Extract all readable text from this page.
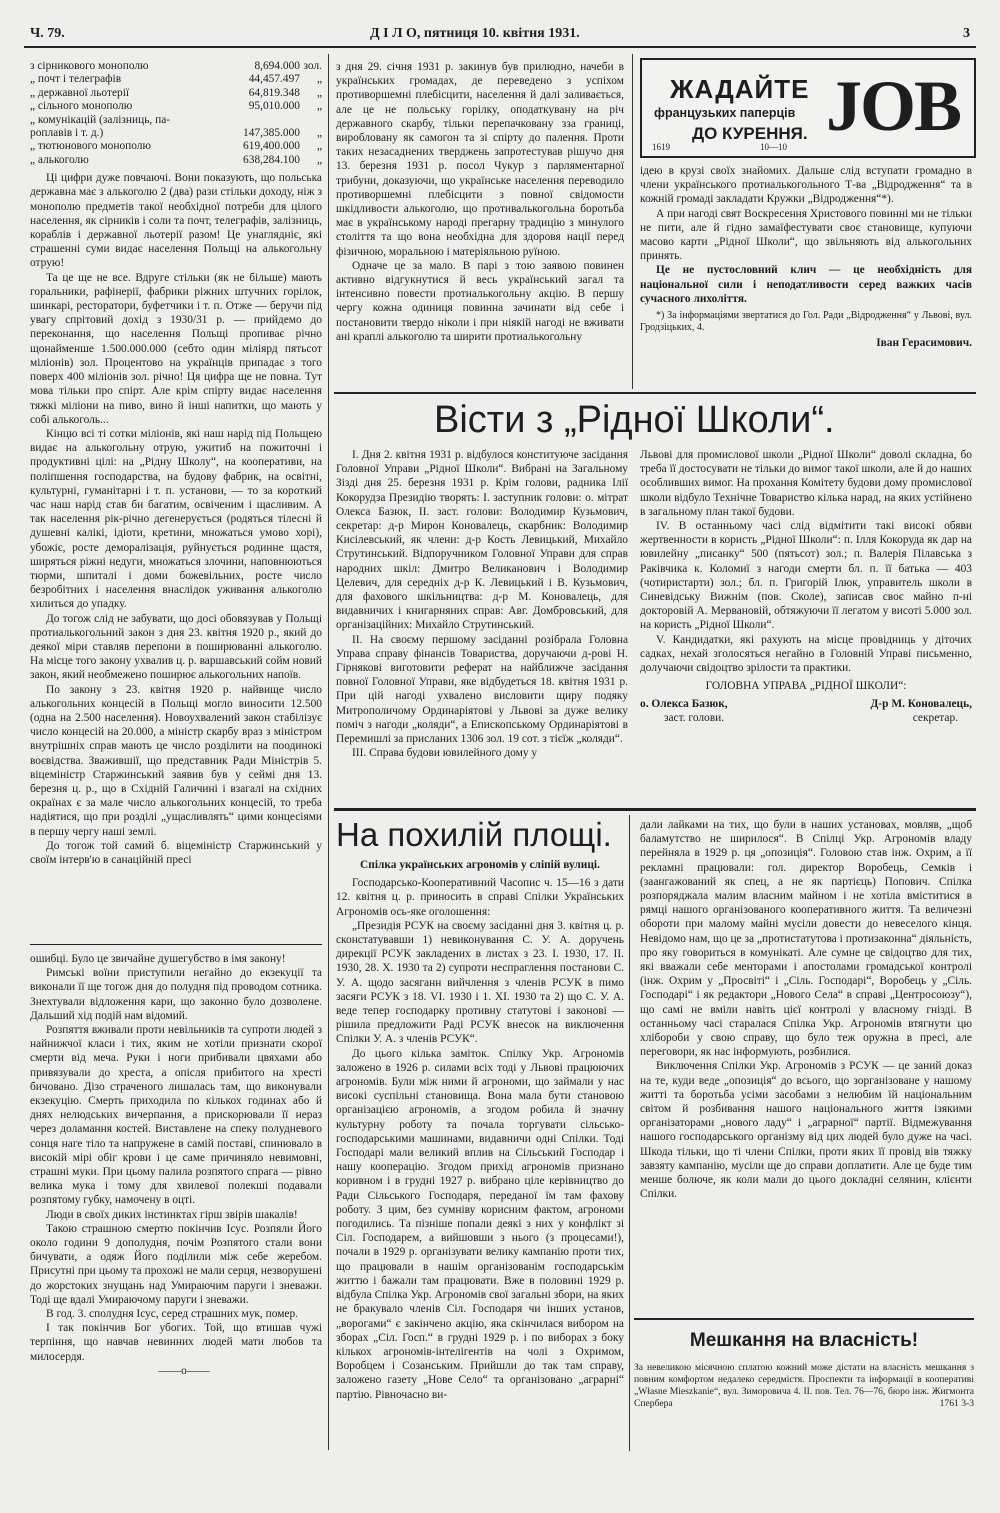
Ч. 79.	Д І Л О, пятниця 10. квітня 1931.	3
з сірникового монополю	8,694.000	зол.
„ почт і телеграфів	44,457.497	„
„ державної льотерії	64,819.348	„
„ сільного монополю	95,010.000	„
„ комунікацій (залізниць, па-		
роплавів і т. д.)	147,385.000	„
„ тютюнового монополю	619,400.000	„
„ алькоголю	638,284.100	„

Ці цифри дуже повчаючі. Вони показують, що польська державна має з алькоголю 2 (два) рази стільки доходу, ніж з монополю предметів такої необхідної потреби для цілого населення, як сірників і соли та почт, телеграфів, залізниць, кораблів і державної льотерії разом! Це унаглядніє, які страшенні суми видає населення Польщі на алькогольну отрую!

Та це ще не все. Вдруге стільки (як не більше) мають горальники, рафінерії, фабрики ріжних штучних горілок, шинкарі, ресторатори, буфетчики і т. п. Отже — беручи під увагу спрітовий дохід з 1930/31 р. — прийдемо до переконання, що населення Польщі пропиває річно щонайменше 1.500.000.000 (себто один міліярд пятьсот міліонів) зол. Процентово на українців припадає з того поверх 400 міліонів зол. річно! Ця цифра ще не повна. Тут мова тільки про спірт. Але крім спірту видає населення тяжкі міліони на пиво, вино й інші напитки, що мають у собі алькоголь...

Кінцю всі ті сотки міліонів, які наш нарід під Польщею видає на алькогольну отрую, ужитиб на пожиточні і продуктивні цілі: на „Рідну Школу“, на кооперативи, на поліпшення господарства, на будову фабрик, на освітні, культурні, гуманітарні і т. п. установи, — то за короткий час наш нарід став би багатим, освіченим і щасливим. А так населення рік-річно дегенерується (родяться тілесні й душевні калікі, ідіоти, кретини, множаться умово хорі), убожіє, росте деморалізація, руйнується родинне щастя, ширяться ріжні недуги, множаться злочини, наповнюються тюрми, шпиталі і доми божевільних, росте число безробітних і населення внаслідок уживання алькоголю хилиться до упадку.

До тогож слід не забувати, що досі обовязував у Польщі протиалькогольний закон з дня 23. квітня 1920 р., який до деякої міри ставляв перепони в поширюванні алькоголю. На місце того закону ухвалив ц. р. варшавський сойм новий закон, який необмежено поширює алькогольних напоїв.

По закону з 23. квітня 1920 р. найвище число алькогольних концесій в Польщі могло виносити 12.500 (одна на 2.500 населення). Новоухвалений закон стабілізує число концесій на 20.000, а міністр скарбу враз з міністром внутрішніх справ мають це число розділити на поодинокі воєвідства. Зважившії, що представник Ради Міністрів 5. віцеміністр Старжинський заявив був у сеймі дня 13. березня ц. р., що в Східній Галичині і взагалі на східних окраїнах є за мале число алькогольних концесій, то треба надіятися, що при розділі „ущасливлять“ цими концесіями в першу чергу наші землі.

До тогож той самий б. віцеміністр Старжинський у своїм інтерв'ю в санаційній пресі

з дня 29. січня 1931 р. закинув був прилюдно, начеби в українських громадах, де переведено з успіхом противоршемні плебісцити, населення й далі заливається, але це не польську горілку, оподаткувану на річ державного скарбу, тільки перепачковану зза границі, виробловану як самогон та зі спірту до палення. Проти таких незасаднених тверджень запротестував рішучо дня 13. березня 1931 р. посол Чукур з парляментарної трибуни, доказуючи, що українське населення переводило противоршемні плебісцити з повної свідомости шкідливости алькоголю, що противалькогольна боротьба має в українському народі прегарну традицію з минулого століття та що вона необхідна для здоровя нації перед фізичною, моральною і матеріяльною руїною.

Одначе це за мало. В парі з тою заявою повинен активно відгукнутися й весь український загал та інтенсивно повести протиалькогольну акцію. В першу чергу кожна одиниця повинна зачинати від себе і постановити твердо ніколи і при ніякій нагоді не вживати ані краплі алькоголю та ширити протиалькогольну

ЖАДАЙТЕ
французьких паперців
ДО КУРЕННЯ. JOB
1619	10—10

ідею в крузі своїх знайомих. Дальше слід вступати громадно в члени українського протиалькогольного Т-ва „Відродження“ та в кожній громаді закладати Кружки „Відродження“*).

А при нагоді свят Воскресення Христового повинні ми не тільки не пити, але й гідно замаїфестувати своє становище, купуючи масово карти „Рідної Школи“, що звільняють від алькогольних принять.

Це не пустословний клич — це необхідність для національної сили і неподатливости серед важких часів сучасного лихоліття.

*) За інформаціями звертатися до Гол. Ради „Відродження“ у Львові, вул. Гродзіцьких, 4.

Іван Герасимович.

Вісти з „Рідної Школи“.

І. Дня 2. квітня 1931 р. відбулося конституюче засідання Головної Управи „Рідної Школи“. Вибрані на Загальному Зізді дня 25. березня 1931 р. Крім голови, радника Ілії Кокорудза Президію творять: І. заступник голови: о. мітрат Олекса Базюк, ІІ. заст. голови: Володимир Кузьмович, секретар: д-р Мирон Коновалець, скарбник: Володимир Кисілевський, як члени: д-р Кость Левицький, Михайло Струтинський. Відпоручником Головної Управи для справ народних шкіл: Дмитро Великанович і Володимир Целевич, для середніх д-р К. Левицький і В. Кузьмович, для фахового шкільництва: д-р М. Коновалець, для видавничих і книгарняних справ: Авг. Домбровський, для організаційних: Михайло Струтинський.

ІІ. На своєму першому засіданні розібрала Головна Управа справу фінансів Товариства, доручаючи д-рові Н. Гірнякові виготовити реферат на найближче засідання повної Головної Управи, яке відбудеться 18. квітня 1931 р. При цій нагоді ухвалено висловити щиру подяку Митрополичому Ординаріятові у Львові за дуже велику поміч з нагоди „коляди“, а Епископському Ординаріятові в Перемишлі за присланих 1306 зол. 19 сот. з тієїж „коляди“.

ІІІ. Справа будови ювилейного дому у

Львові для промислової школи „Рідної Школи“ доволі складна, бо треба її достосувати не тільки до вимог такої школи, але й до наших особливших вимог. На прохання Комітету будови дому промислової школи відбуло Технічне Товариство кілька нарад, на яких устійнено в загальному план такої будови.

IV. В останньому часі слід відмітити такі високі обяви жертвенности в користь „Рідної Школи“: п. Ілля Кокоруда як дар на ювилейну „писанку“ 500 (пятьсот) зол.; п. Валерія Пілавська з Раківчика к. Коломиї з нагоди смерти бл. п. її батька — 403 (чотиристарти) зол.; бл. п. Григорій Ілюк, управитель школи в Синевідську Вижнім (пов. Сколе), записав своє майно п-ні докторовій А. Мервановій, обтяжуючи її легатом у висоті 5.000 зол. на користь „Рідної Школи“.

V. Кандидатки, які рахують на місце провідниць у діточих садках, нехай зголосяться негайно в Головній Управі письменно, долучаючи свідоцтво зрілости та практики.

ГОЛОВНА УПРАВА „РІДНОЇ ШКОЛИ“:

о. Олекса Базюк,
заст. голови.
Д-р М. Коновалець,
секретар.

ошибці. Було це звичайне душегубство в імя закону!

Римські воїни приступили негайно до екзекуції та виконали її ще тогож дня до полудня під проводом сотника. Знехтували відложення кари, що законно було дозволене. Дальший хід подій нам відомий.

Розпяття вживали проти невільників та супроти людей з найнижчої класи і тих, яким не хотіли признати скорої смерти від меча. Руки і ноги прибивали цвяхами або привязували до хреста, а опісля прибитого на хресті бичовано. Дізо страченого лишалась там, що виконували екзекуцію. Смерть приходила по кількох годинах або й днях нелюдських вичерпання, а прискорювали її нераз через доламання костей. Виставлене на спеку полудневого сонця наге тіло та напружене в самій поставі, спинювало в високій мірі обіг крови і це саме причиняло невимовні, страшні муки. При цьому палила розпятого спрага — рівно велика мука і тому для хвилевої полекші подавали розпятому губку, намочену в оцті.

Люди в своїх диких інстинктах гірш звірів шакалів!

Такою страшною смертю покінчив Ісус. Розпяли Його около години 9 дополудня, почім Розпятого стали вони бичувати, а одяж Його поділили між себе жеребом. Присутні при цьому та прохожі не мали серця, незворушені до жорстоких знущань над Умираючим паруги і зневажи. Тоді ще вдалі Умираючому паруги і зневажи.

В год. 3. сполудня Ісус, серед страшних мук, помер.

І так покінчив Бог убогих. Той, що втишав чужі терпіння, що навчав невинних людей мати любов та милосердя.

——o——

На похилій площі.

Спілка українських агрономів у сліпій вулиці.

Господарсько-Кооперативний Часопис ч. 15—16 з дати 12. квітня ц. р. приносить в справі Спілки Українських Агрономів ось-яке оголошення:

„Президія РСУК на своєму засіданні дня 3. квітня ц. р. сконстатувавши 1) невиконування С. У. А. доручень дирекції РСУК закладених в листах з 23. І. 1930, 17. ІІ. 1930, 28. Х. 1930 та 2) супроти неспраглення постанови С. У. А. щодо засяганн вийчлення з членів РСУК в пимо засяги РСУК з 18. VІ. 1930 і 1. ХІ. 1930 та 2) що С. У. А. веде тепер господарку противну статутові і законові — рішила предложити Раді РСУК внесок на виключення Спілки У. А. з членів РСУК“.

До цього кілька заміток. Спілку Укр. Агрономів заложено в 1926 р. силами всіх тоді у Львові працюючих агрономів. Були між ними й агрономи, що займали у нас високі суспільні становища. Вона мала бути становою організацією агрономів, а згодом робила й значну культурну роботу та почала торгувати сільсько-господарськими машинами, видавничи одні Спілки. Тоді Господарі мали великий вплив на Сільський Господар і нашу кооперацію. Згодом прихід агрономів признано коривном і в грудні 1927 р. вибрано ціле керівництво до Ради Сільського Господаря, переданої їм там фахову роботу. З цим, без сумніву корисним фактом, агрономи погодились. Та пізніше попали деякі з них у конфлікт зі Сіл. Господарем, а вийшовши з нього (з процесами!), почали в 1929 р. організувати велику кампанію проти тих, що працювали в нашім організованім господарськім життю і бажали там працювати. Вже в половині 1929 р. відбула Спілка Укр. Агрономів свої загальні збори, на яких не бракувало членів Сіл. Господаря чи інших установ, „ворогами“ є закінчено акцію, яка скінчилася вибором на зборах „Сіл. Госп.“ в грудні 1929 р. і по виборах з боку кількох агрономів-інтелігентів на чолі з Охримом, Воробцем і Созанським. Прийшли до так там справу, заложено газету „Нове Село“ та організовано „аграрні“ партію. Рівночасно ви-

дали лайками на тих, що були в наших установах, мовляв, „щоб баламутство не ширилося“. В Спілці Укр. Агрономів владу перейняла в 1929 р. ця „опозиція“. Головою став інж. Охрим, а її рекламні працювали: гол. директор Воробець, Семків і (заангажований як спец, а не як партієць) Попович. Спілка розпоряджала малим власним майном і не хотіла вміститися в рямці нашого організованого кооперативного життя. Та величезні обороти при малому майні мусіли довести до невеселого кінця. Невідомо нам, що це за „протистатутова і протизаконна“ діяльність, про яку говориться в комунікаті. Але сумне це свідоцтво для тих, які вважали себе менторами і апостолами громадської контролі (інж. Охрим у „Просвіті“ і „Сіль. Господарі“, Воробець у „Сіль. Господарі“ і як редактори „Нового Села“ в справі „Центросоюзу“), що самі не вміли навіть цієї контролі у власному гнізді. В останньому часі старалася Спілка Укр. Агрономів втягнути цю хлібороби у свою справу, що було теж оружна в пресі, але переговори, як нас інформують, розбилися.

Виключення Спілки Укр. Агрономів з РСУК — це заний доказ на те, куди веде „опозиція“ до всього, що зорганізоване у нашому житті та боротьба усіми засобами з нелюбим їй національним світом й розбивання нашого національного життя ізякими організаторами „нового ладу“ і „аграрної“ партії. Відмежування нашого господарського організму від цих людей було дуже на часі. Шкода тільки, що ті члени Спілки, проти яких її провід вів тяжку завзяту кампанію, мусіли ще до справи доплатити. Але це буде тим менше болюче, як коли мали до цього докладні селянин, клієнти Спілки.

Мешкання на власність!
За невеликою місячною сплатою кожний може дістати на власність мешкання з повним комфортом недалеко середмістя. Проспекти та інформації в кооперативі „Własne Mieszkanie“, вул. Зиморовича 4. ІІ. пов. Тел. 76—76, бюро інж. Жигмонта Спербера	1761 3-3
